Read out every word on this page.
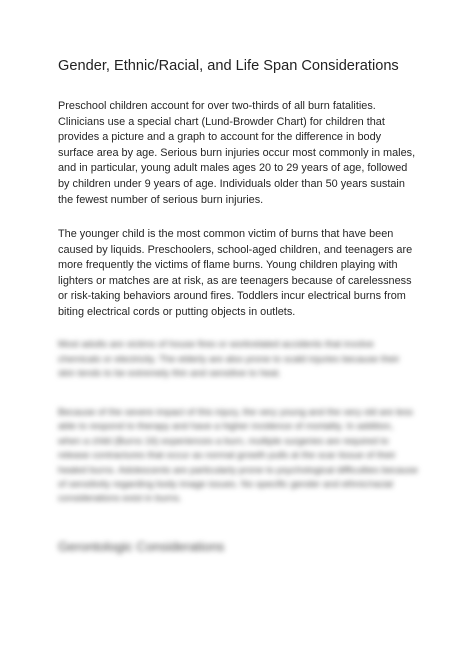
Gender, Ethnic/Racial, and Life Span Considerations

Preschool children account for over two-thirds of all burn fatalities. Clinicians use a special chart (Lund-Browder Chart) for children that provides a picture and a graph to account for the difference in body surface area by age. Serious burn injuries occur most commonly in males, and in particular, young adult males ages 20 to 29 years of age, followed by children under 9 years of age. Individuals older than 50 years sustain the fewest number of serious burn injuries.

The younger child is the most common victim of burns that have been caused by liquids. Preschoolers, school-aged children, and teenagers are more frequently the victims of flame burns. Young children playing with lighters or matches are at risk, as are teenagers because of carelessness or risk-taking behaviors around fires. Toddlers incur electrical burns from biting electrical cords or putting objects in outlets.

Most adults are victims of house fires or workrelated accidents that involve chemicals or electricity. The elderly are also prone to scald injuries because their skin tends to be extremely thin and sensitive to heat.

Because of the severe impact of this injury, the very young and the very old are less able to respond to therapy and have a higher incidence of mortality. In addition, when a child (Burns 16) experiences a burn, multiple surgeries are required to release contractures that occur as normal growth pulls at the scar tissue of their healed burns. Adolescents are particularly prone to psychological difficulties because of sensitivity regarding body image issues. No specific gender and ethnic/racial considerations exist in burns.

Gerontologic Considerations
